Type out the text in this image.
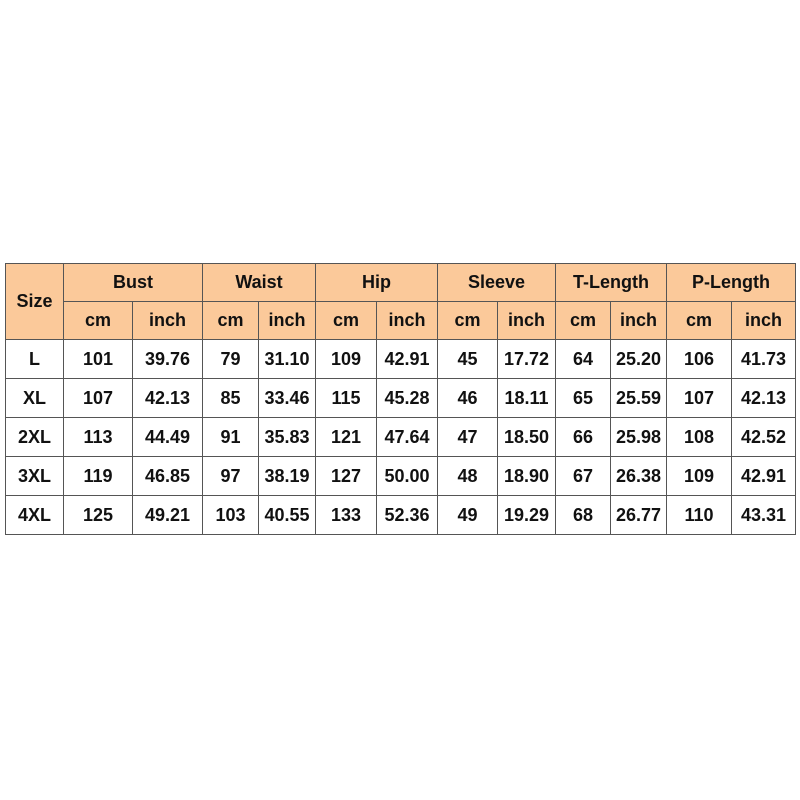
Size	Bust		Waist		Hip		Sleeve		T-Length		P-Length	
	cm	inch	cm	inch	cm	inch	cm	inch	cm	inch	cm	inch
L	101	39.76	79	31.10	109	42.91	45	17.72	64	25.20	106	41.73
XL	107	42.13	85	33.46	115	45.28	46	18.11	65	25.59	107	42.13
2XL	113	44.49	91	35.83	121	47.64	47	18.50	66	25.98	108	42.52
3XL	119	46.85	97	38.19	127	50.00	48	18.90	67	26.38	109	42.91
4XL	125	49.21	103	40.55	133	52.36	49	19.29	68	26.77	110	43.31
